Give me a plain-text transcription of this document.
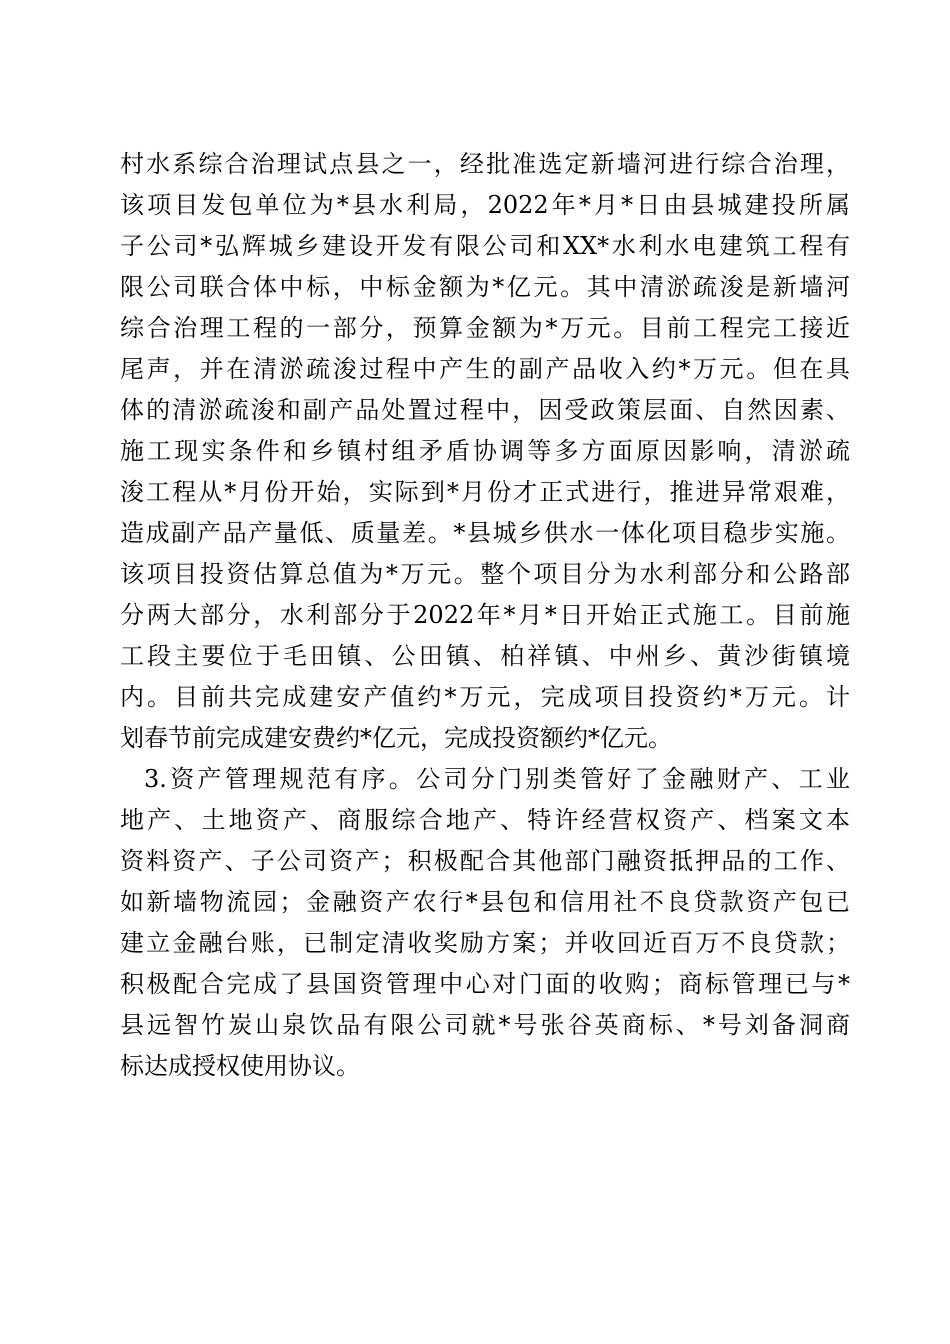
村水系综合治理试点县之一，经批准选定新墙河进行综合治理，
该项目发包单位为*县水利局，2022年*月*日由县城建投所属
子公司*弘辉城乡建设开发有限公司和XX*水利水电建筑工程有
限公司联合体中标，中标金额为*亿元。其中清淤疏浚是新墙河
综合治理工程的一部分，预算金额为*万元。目前工程完工接近
尾声，并在清淤疏浚过程中产生的副产品收入约*万元。但在具
体的清淤疏浚和副产品处置过程中，因受政策层面、自然因素、
施工现实条件和乡镇村组矛盾协调等多方面原因影响，清淤疏
浚工程从*月份开始，实际到*月份才正式进行，推进异常艰难，
造成副产品产量低、质量差。*县城乡供水一体化项目稳步实施。
该项目投资估算总值为*万元。整个项目分为水利部分和公路部
分两大部分，水利部分于2022年*月*日开始正式施工。目前施
工段主要位于毛田镇、公田镇、柏祥镇、中州乡、黄沙街镇境
内。目前共完成建安产值约*万元，完成项目投资约*万元。计
划春节前完成建安费约*亿元，完成投资额约*亿元。
3.资产管理规范有序。公司分门别类管好了金融财产、工业
地产、土地资产、商服综合地产、特许经营权资产、档案文本
资料资产、子公司资产；积极配合其他部门融资抵押品的工作、
如新墙物流园；金融资产农行*县包和信用社不良贷款资产包已
建立金融台账，已制定清收奖励方案；并收回近百万不良贷款；
积极配合完成了县国资管理中心对门面的收购；商标管理已与*
县远智竹炭山泉饮品有限公司就*号张谷英商标、*号刘备洞商
标达成授权使用协议。
